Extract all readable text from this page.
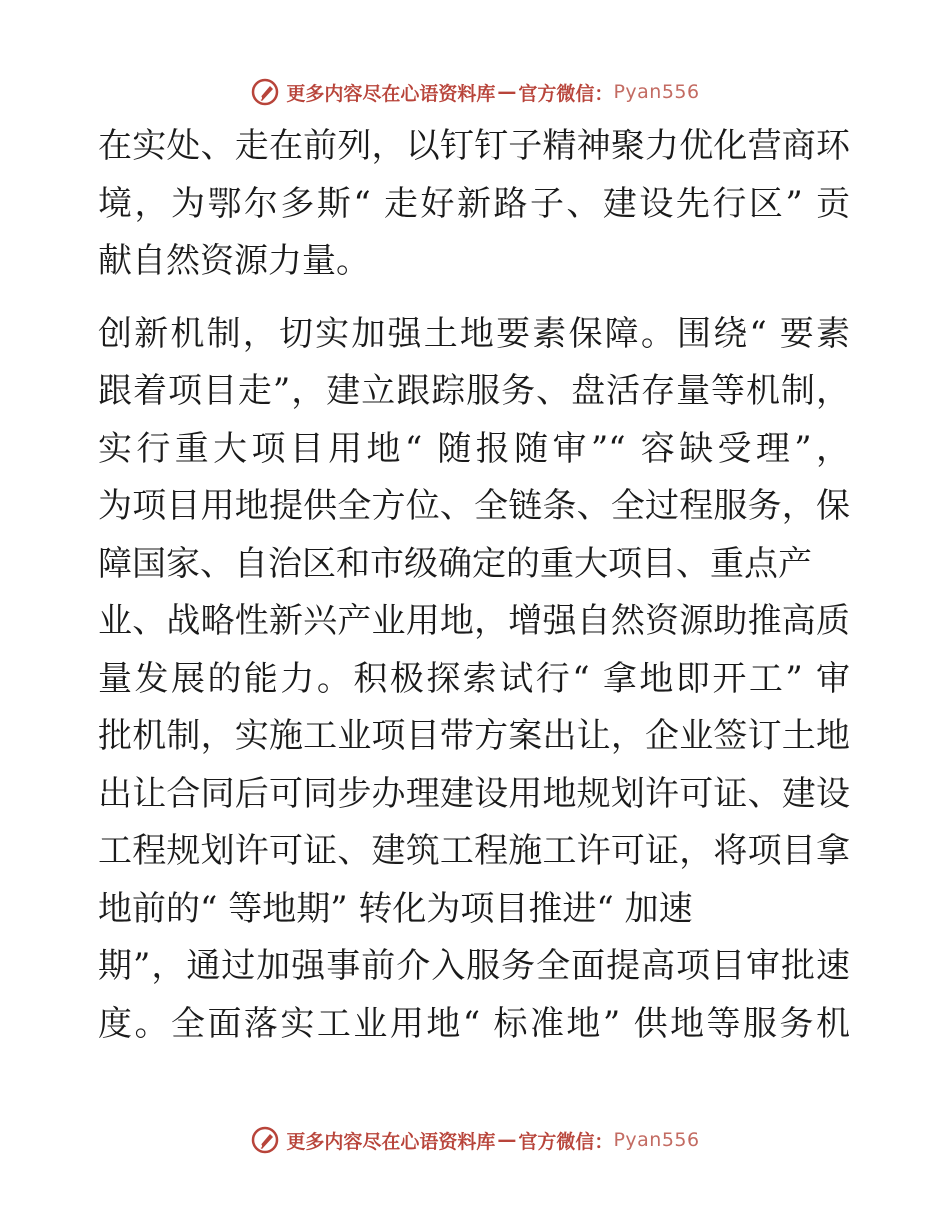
更多内容尽在心语资料库 — 官方微信： Pyan556
在实处、走在前列，以钉钉子精神聚力优化营商环
境，为鄂尔多斯“ 走好新路子、建设先行区” 贡
献自然资源力量。
创新机制，切实加强土地要素保障。围绕“ 要素
跟着项目走”，建立跟踪服务、盘活存量等机制，
实行重大项目用地“ 随报随审”“ 容缺受理”，
为项目用地提供全方位、全链条、全过程服务，保
障国家、自治区和市级确定的重大项目、重点产
业、战略性新兴产业用地，增强自然资源助推高质
量发展的能力。积极探索试行“ 拿地即开工” 审
批机制，实施工业项目带方案出让，企业签订土地
出让合同后可同步办理建设用地规划许可证、建设
工程规划许可证、建筑工程施工许可证，将项目拿
地前的“ 等地期” 转化为项目推进“ 加速
期”，通过加强事前介入服务全面提高项目审批速
度。全面落实工业用地“ 标准地” 供地等服务机
更多内容尽在心语资料库 — 官方微信： Pyan556
